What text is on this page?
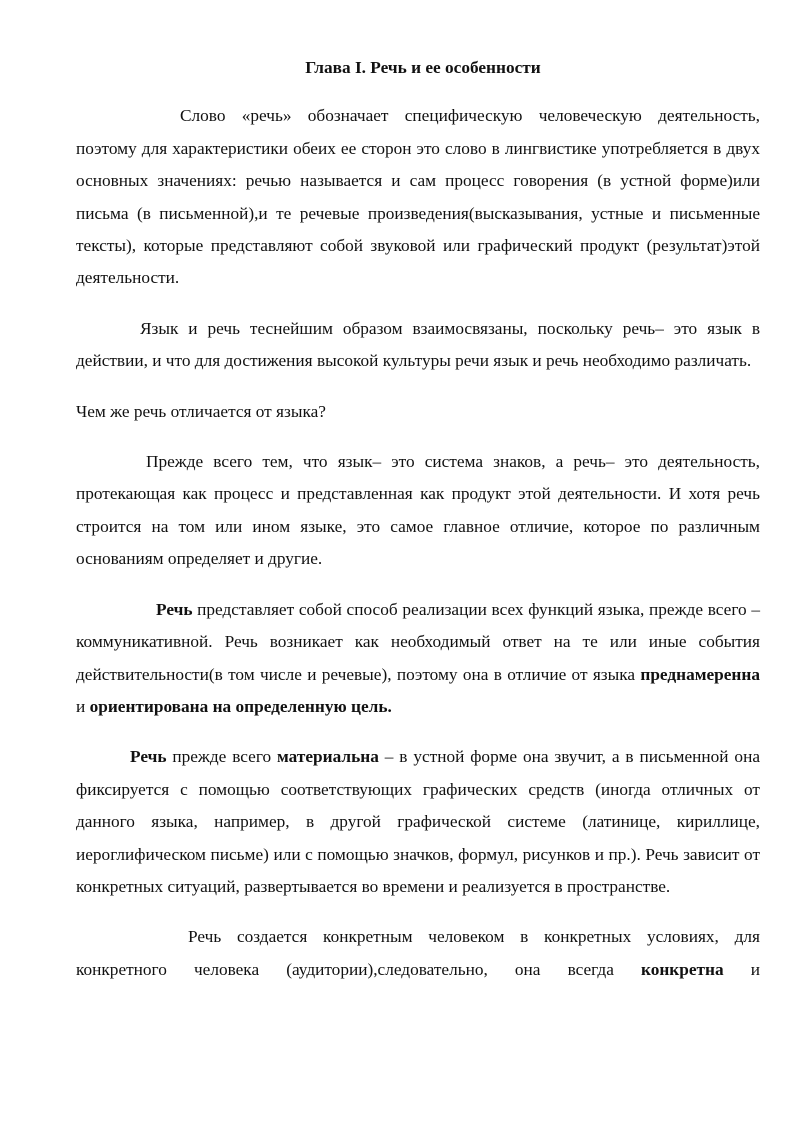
Глава I. Речь и ее особенности

Слово «речь» обозначает специфическую человеческую деятельность, поэтому для характеристики обеих ее сторон это слово в лингвистике употребляется в двух основных значениях: речью называется и сам процесс говорения (в устной форме)или письма (в письменной),и те речевые произведения(высказывания, устные и письменные тексты), которые представляют собой звуковой или графический продукт (результат)этой деятельности.

Язык и речь теснейшим образом взаимосвязаны, поскольку речь– это язык в действии, и что для достижения высокой культуры речи язык и речь необходимо различать.

Чем же речь отличается от языка?

Прежде всего тем, что язык– это система знаков, а речь– это деятельность, протекающая как процесс и представленная как продукт этой деятельности. И хотя речь строится на том или ином языке, это самое главное отличие, которое по различным основаниям определяет и другие.

Речь представляет собой способ реализации всех функций языка, прежде всего – коммуникативной. Речь возникает как необходимый ответ на те или иные события действительности(в том числе и речевые), поэтому она в отличие от языка преднамеренна и ориентирована на определенную цель.

Речь прежде всего материальна – в устной форме она звучит, а в письменной она фиксируется с помощью соответствующих графических средств (иногда отличных от данного языка, например, в другой графической системе (латинице, кириллице, иероглифическом письме) или с помощью значков, формул, рисунков и пр.). Речь зависит от конкретных ситуаций, развертывается во времени и реализуется в пространстве.

Речь создается конкретным человеком в конкретных условиях, для конкретного человека (аудитории),следовательно, она всегда конкретна и
